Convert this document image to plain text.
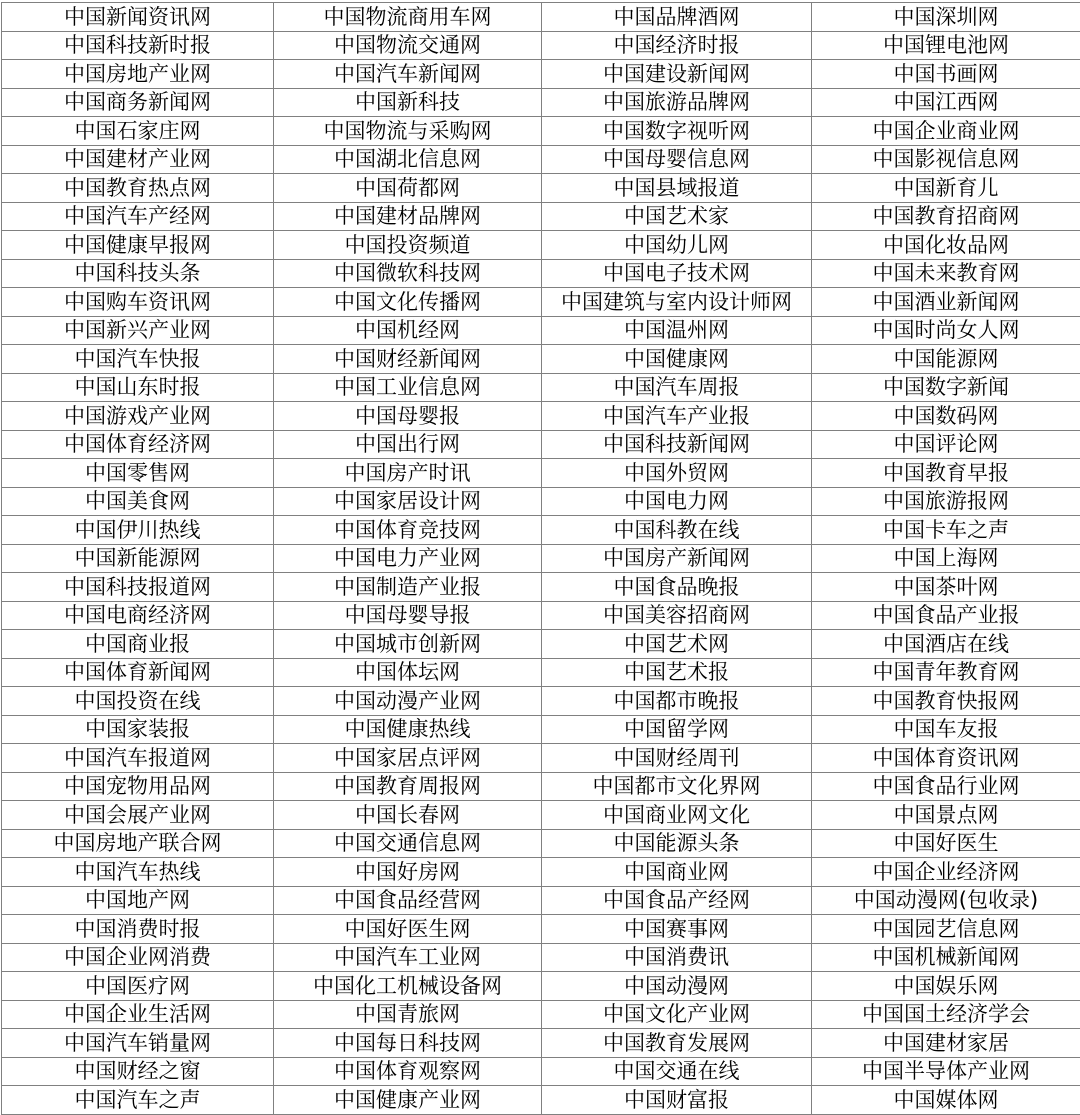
中国新闻资讯网	中国物流商用车网	中国品牌酒网	中国深圳网
中国科技新时报	中国物流交通网	中国经济时报	中国锂电池网
中国房地产业网	中国汽车新闻网	中国建设新闻网	中国书画网
中国商务新闻网	中国新科技	中国旅游品牌网	中国江西网
中国石家庄网	中国物流与采购网	中国数字视听网	中国企业商业网
中国建材产业网	中国湖北信息网	中国母婴信息网	中国影视信息网
中国教育热点网	中国荷都网	中国县域报道	中国新育儿
中国汽车产经网	中国建材品牌网	中国艺术家	中国教育招商网
中国健康早报网	中国投资频道	中国幼儿网	中国化妆品网
中国科技头条	中国微软科技网	中国电子技术网	中国未来教育网
中国购车资讯网	中国文化传播网	中国建筑与室内设计师网	中国酒业新闻网
中国新兴产业网	中国机经网	中国温州网	中国时尚女人网
中国汽车快报	中国财经新闻网	中国健康网	中国能源网
中国山东时报	中国工业信息网	中国汽车周报	中国数字新闻
中国游戏产业网	中国母婴报	中国汽车产业报	中国数码网
中国体育经济网	中国出行网	中国科技新闻网	中国评论网
中国零售网	中国房产时讯	中国外贸网	中国教育早报
中国美食网	中国家居设计网	中国电力网	中国旅游报网
中国伊川热线	中国体育竞技网	中国科教在线	中国卡车之声
中国新能源网	中国电力产业网	中国房产新闻网	中国上海网
中国科技报道网	中国制造产业报	中国食品晚报	中国茶叶网
中国电商经济网	中国母婴导报	中国美容招商网	中国食品产业报
中国商业报	中国城市创新网	中国艺术网	中国酒店在线
中国体育新闻网	中国体坛网	中国艺术报	中国青年教育网
中国投资在线	中国动漫产业网	中国都市晚报	中国教育快报网
中国家装报	中国健康热线	中国留学网	中国车友报
中国汽车报道网	中国家居点评网	中国财经周刊	中国体育资讯网
中国宠物用品网	中国教育周报网	中国都市文化界网	中国食品行业网
中国会展产业网	中国长春网	中国商业网文化	中国景点网
中国房地产联合网	中国交通信息网	中国能源头条	中国好医生
中国汽车热线	中国好房网	中国商业网	中国企业经济网
中国地产网	中国食品经营网	中国食品产经网	中国动漫网(包收录)
中国消费时报	中国好医生网	中国赛事网	中国园艺信息网
中国企业网消费	中国汽车工业网	中国消费讯	中国机械新闻网
中国医疗网	中国化工机械设备网	中国动漫网	中国娱乐网
中国企业生活网	中国青旅网	中国文化产业网	中国国土经济学会
中国汽车销量网	中国每日科技网	中国教育发展网	中国建材家居
中国财经之窗	中国体育观察网	中国交通在线	中国半导体产业网
中国汽车之声	中国健康产业网	中国财富报	中国媒体网
